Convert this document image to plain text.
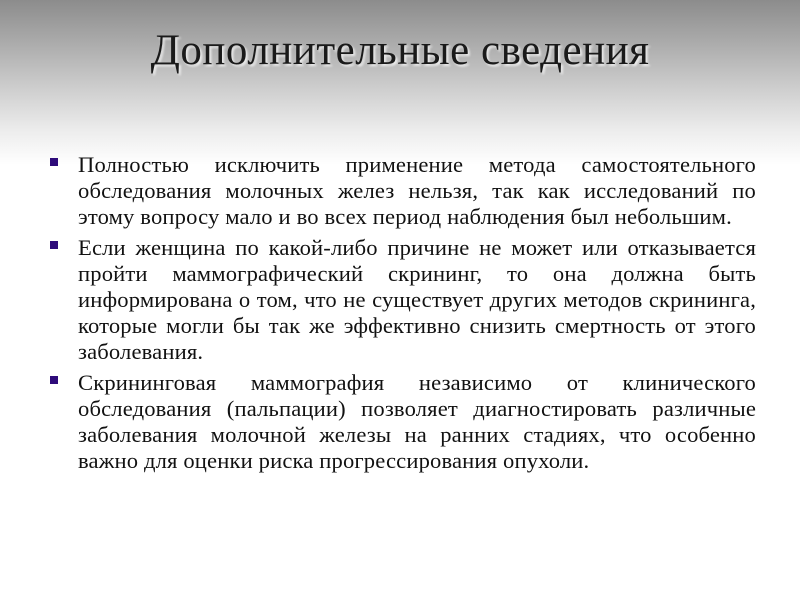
Дополнительные сведения
Полностью исключить применение метода самостоятельного обследования молочных желез нельзя, так как исследований по этому вопросу мало и во всех период наблюдения был небольшим.
Если женщина по какой-либо причине не может или отказывается пройти маммографический скрининг, то она должна быть информирована о том, что не существует других методов скрининга, которые могли бы так же эффективно снизить смертность от этого заболевания.
Скрининговая маммография независимо от клинического обследования (пальпации) позволяет диагностировать различные заболевания молочной железы на ранних стадиях, что особенно важно для оценки риска прогрессирования опухоли.
